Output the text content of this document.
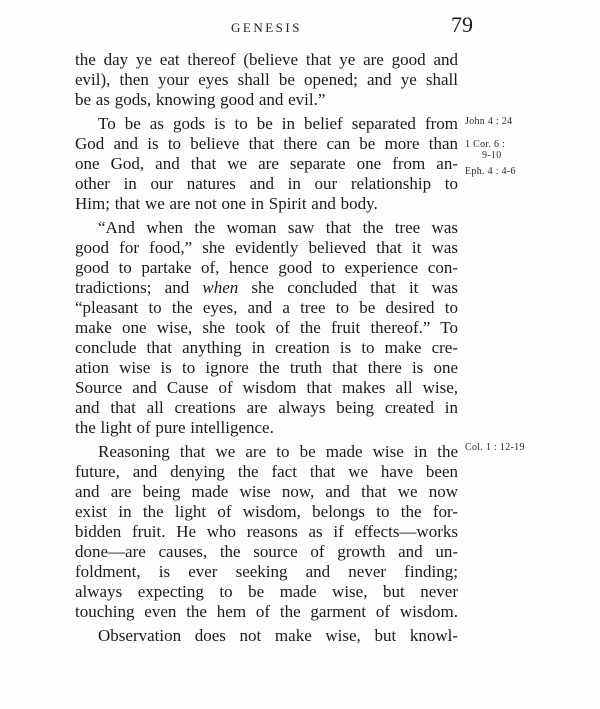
GENESIS	79
the day ye eat thereof (believe that ye are good and
evil), then your eyes shall be opened; and ye shall
be as gods, knowing good and evil.”
To be as gods is to be in belief separated from
God and is to believe that there can be more than
one God, and that we are separate one from an-
other in our natures and in our relationship to
Him; that we are not one in Spirit and body.
“And when the woman saw that the tree was
good for food,” she evidently believed that it was
good to partake of, hence good to experience con-
tradictions; and when she concluded that it was
“pleasant to the eyes, and a tree to be desired to
make one wise, she took of the fruit thereof.” To
conclude that anything in creation is to make cre-
ation wise is to ignore the truth that there is one
Source and Cause of wisdom that makes all wise,
and that all creations are always being created in
the light of pure intelligence.
Reasoning that we are to be made wise in the
future, and denying the fact that we have been
and are being made wise now, and that we now
exist in the light of wisdom, belongs to the for-
bidden fruit. He who reasons as if effects—works
done—are causes, the source of growth and un-
foldment, is ever seeking and never finding;
always expecting to be made wise, but never
touching even the hem of the garment of wisdom.
Observation does not make wise, but knowl-
John 4 : 24
1 Cor. 6 :
9-10
Eph. 4 : 4-6
Col. 1 : 12-19
